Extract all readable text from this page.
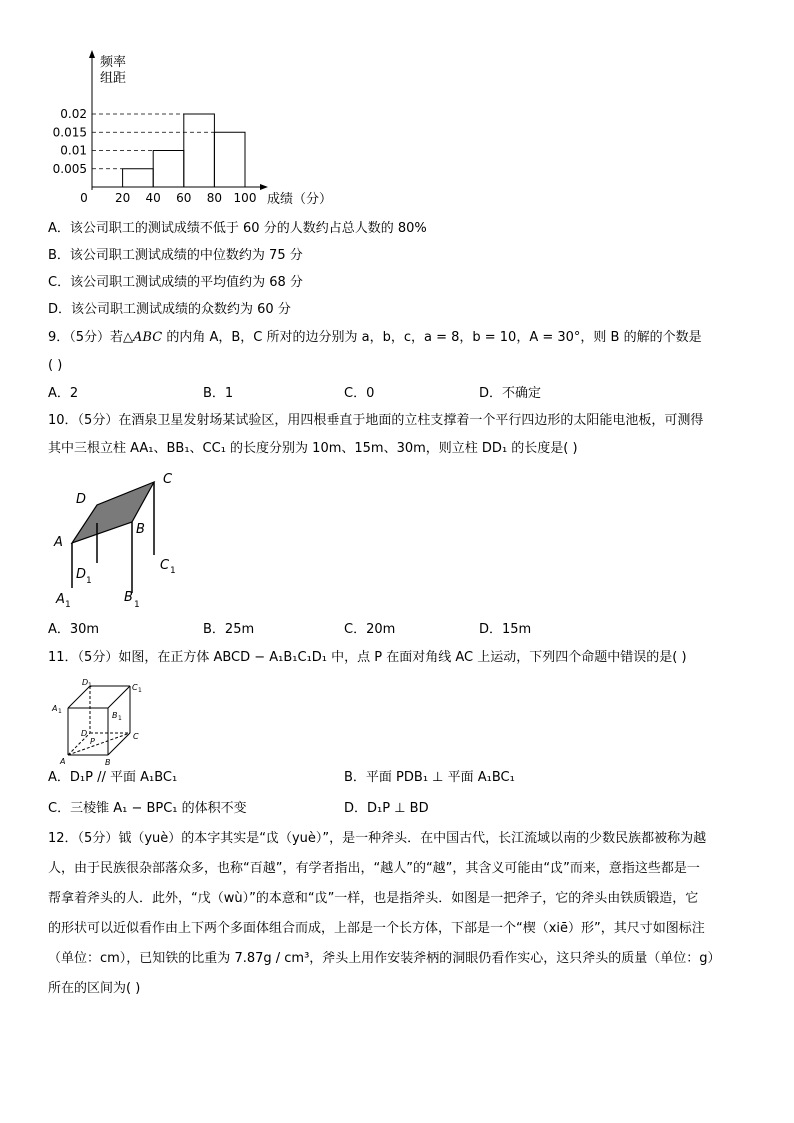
频率
组距
成绩（分）
0.005
0.01
0.015
0.02
0 20 40 60 80 100
A．该公司职工的测试成绩不低于 60 分的人数约占总人数的 80%
B．该公司职工测试成绩的中位数约为 75 分
C．该公司职工测试成绩的平均值约为 68 分
D．该公司职工测试成绩的众数约为 60 分
9．（5分）若△ABC 的内角 A，B，C 所对的边分别为 a，b，c，a = 8，b = 10，A = 30°，则 B 的解的个数是
( )
A．2	B．1	C．0	D．不确定
10．（5分）在酒泉卫星发射场某试验区，用四根垂直于地面的立柱支撑着一个平行四边形的太阳能电池板，可测得
其中三根立柱 AA₁、BB₁、CC₁ 的长度分别为 10m、15m、30m，则立柱 DD₁ 的长度是( )
A
B
C
D
A 1	B 1
C 1
D 1
A．30m	B．25m	C．20m	D．15m
11．（5分）如图，在正方体 ABCD − A₁B₁C₁D₁ 中，点 P 在面对角线 AC 上运动，下列四个命题中错误的是( )
D 1	C 1
A 1	B 1
D	C
P
A	B
A．D₁P // 平面 A₁BC₁	B．平面 PDB₁ ⊥ 平面 A₁BC₁
C．三棱锥 A₁ − BPC₁ 的体积不变	D．D₁P ⊥ BD
12．（5分）钺（yuè）的本字其实是“戉（yuè）”，是一种斧头．在中国古代，长江流域以南的少数民族都被称为越
人，由于民族很杂部落众多，也称“百越”，有学者指出，“越人”的“越”，其含义可能由“戉”而来，意指这些都是一
帮拿着斧头的人．此外，“戊（wù）”的本意和“戉”一样，也是指斧头．如图是一把斧子，它的斧头由铁质锻造，它
的形状可以近似看作由上下两个多面体组合而成，上部是一个长方体，下部是一个“楔（xiē）形”，其尺寸如图标注
（单位：cm），已知铁的比重为 7.87g / cm³，斧头上用作安装斧柄的洞眼仍看作实心，这只斧头的质量（单位：g）
所在的区间为( )
